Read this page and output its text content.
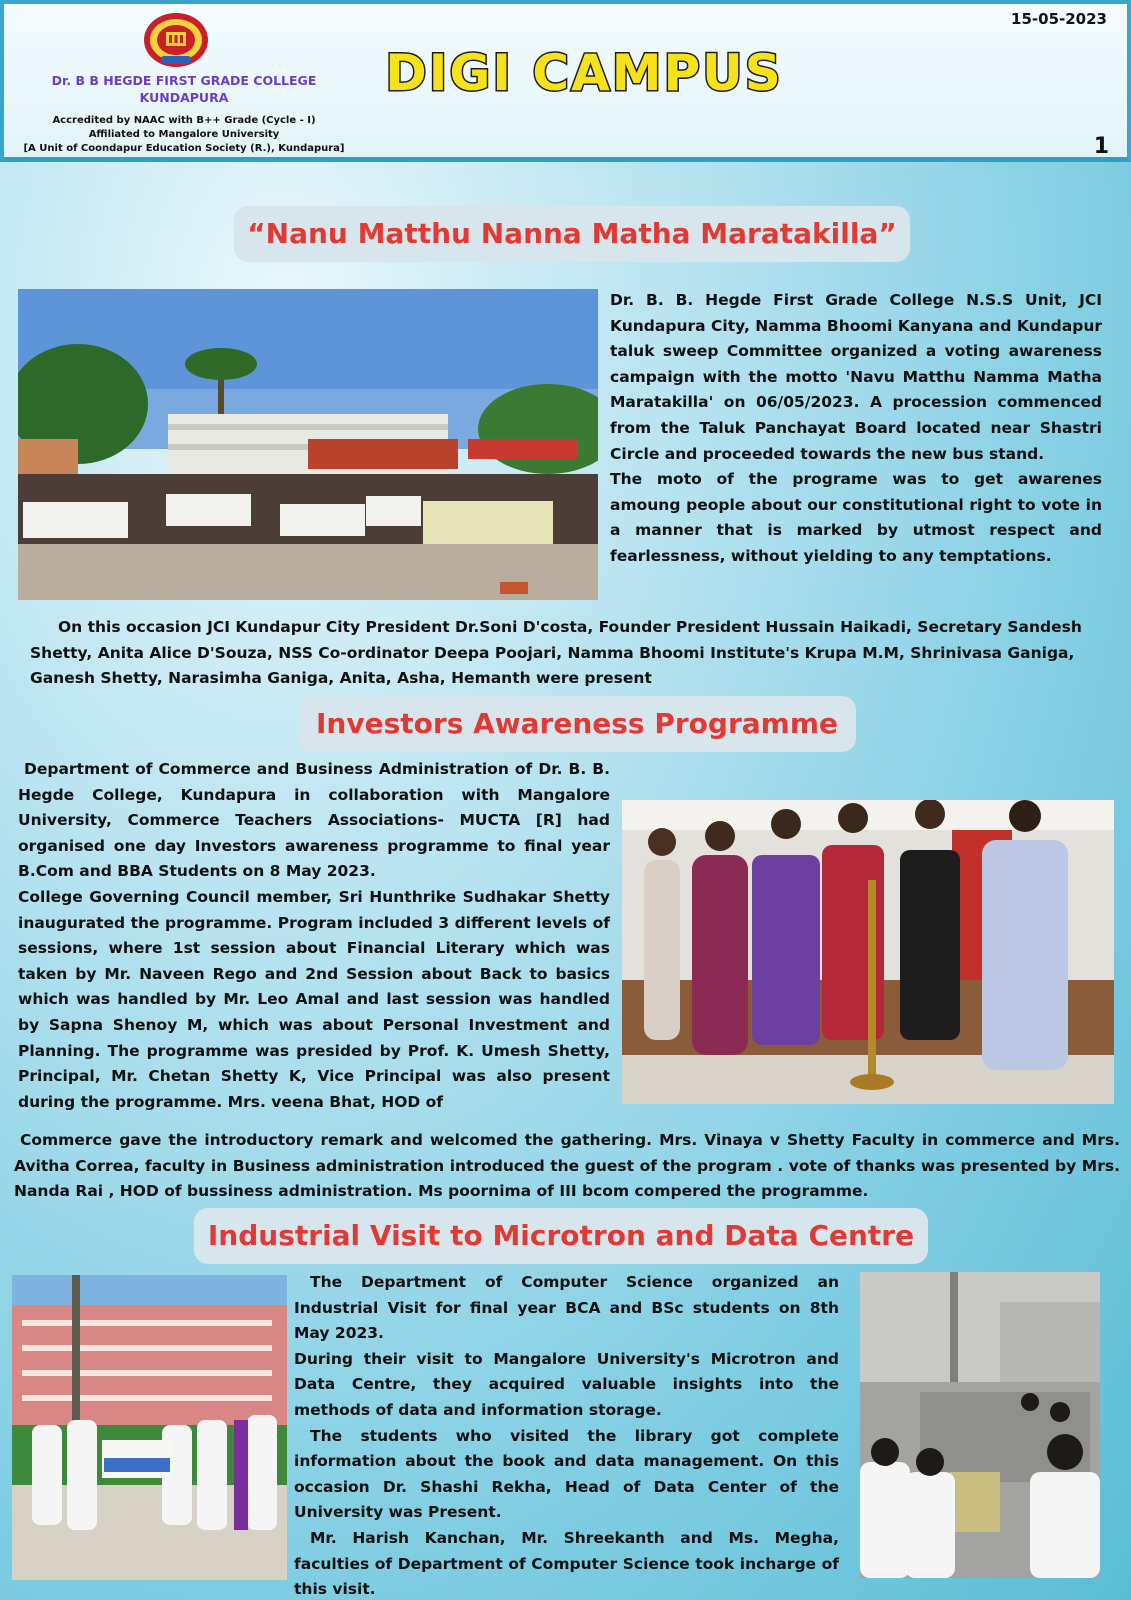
Dr. B B HEGDE FIRST GRADE COLLEGE
KUNDAPURA
Accredited by NAAC with B++ Grade (Cycle - I)
Affiliated to Mangalore University
[A Unit of Coondapur Education Society (R.), Kundapura]
DIGI CAMPUS
15-05-2023
1
“Nanu Matthu Nanna Matha Maratakilla”
Dr. B. B. Hegde First Grade College N.S.S Unit, JCI Kundapura City, Namma Bhoomi Kanyana and Kundapur taluk sweep Committee organized a voting awareness campaign with the motto 'Navu Matthu Namma Matha Maratakilla' on 06/05/2023. A procession commenced from the Taluk Panchayat Board located near Shastri Circle and proceeded towards the new bus stand.
The moto of the programe was to get awarenes amoung people about our constitutional right to vote in a manner that is marked by utmost respect and fearlessness, without yielding to any temptations.
On this occasion JCI Kundapur City President Dr.Soni D'costa, Founder President Hussain Haikadi, Secretary Sandesh Shetty, Anita Alice D'Souza, NSS Co-ordinator Deepa Poojari, Namma Bhoomi Institute's Krupa M.M, Shrinivasa Ganiga, Ganesh Shetty, Narasimha Ganiga, Anita, Asha, Hemanth were present
Investors Awareness Programme
Department of Commerce and Business Administration of Dr. B. B. Hegde College, Kundapura in collaboration with Mangalore University, Commerce Teachers Associations- MUCTA [R] had organised one day Investors awareness programme to final year B.Com and BBA Students on 8 May 2023.
College Governing Council member, Sri Hunthrike Sudhakar Shetty inaugurated the programme. Program included 3 different levels of sessions, where 1st session about Financial Literary which was taken by Mr. Naveen Rego and 2nd Session about Back to basics which was handled by Mr. Leo Amal and last session was handled by Sapna Shenoy M, which was about Personal Investment and Planning. The programme was presided by Prof. K. Umesh Shetty, Principal, Mr. Chetan Shetty K, Vice Principal was also present during the programme. Mrs. veena Bhat, HOD of
Commerce gave the introductory remark and welcomed the gathering. Mrs. Vinaya v Shetty Faculty in commerce and Mrs. Avitha Correa, faculty in Business administration introduced the guest of the program . vote of thanks was presented by Mrs. Nanda Rai , HOD of bussiness administration. Ms poornima of III bcom compered the programme.
Industrial Visit to Microtron and Data Centre
The Department of Computer Science organized an Industrial Visit for final year BCA and BSc students on 8th May 2023.
During their visit to Mangalore University's Microtron and Data Centre, they acquired valuable insights into the methods of data and information storage.
The students who visited the library got complete information about the book and data management. On this occasion Dr. Shashi Rekha, Head of Data Center of the University was Present.
Mr. Harish Kanchan, Mr. Shreekanth and Ms. Megha, faculties of Department of Computer Science took incharge of this visit.
